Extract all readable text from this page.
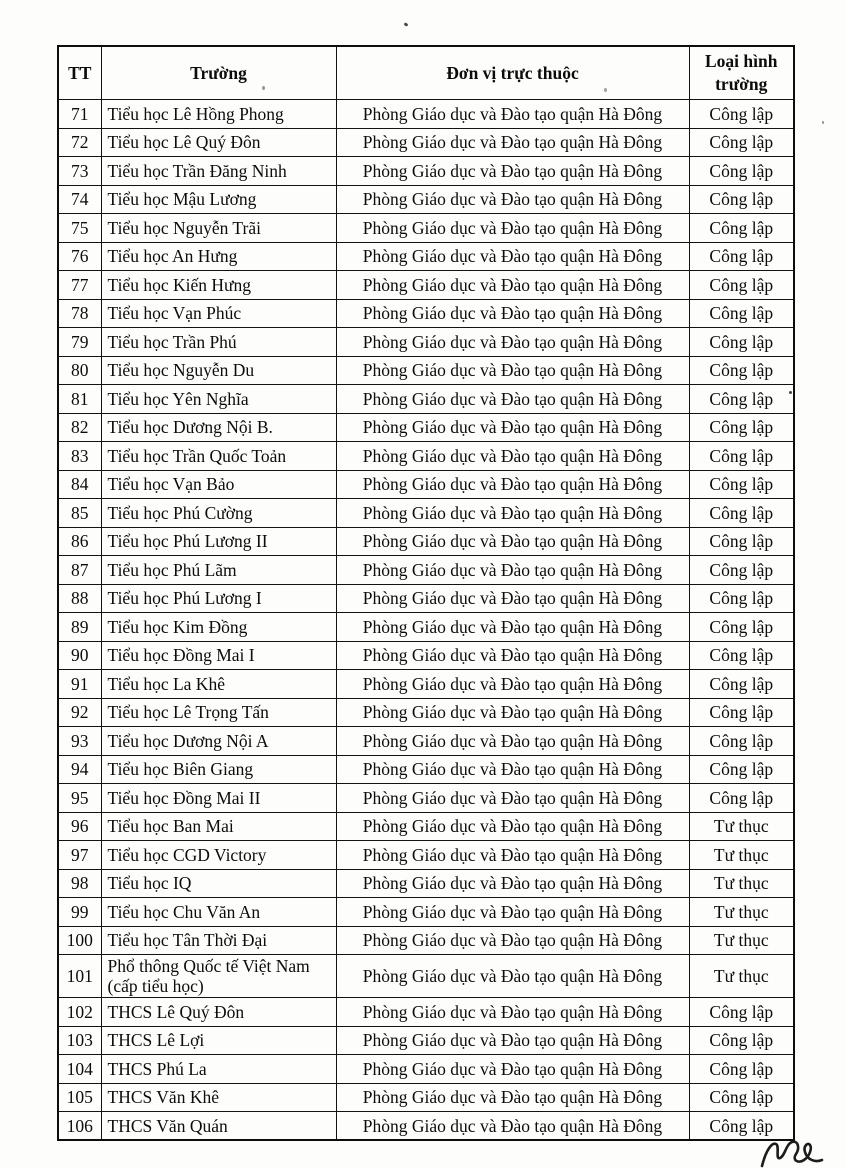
TT	Trường	Đơn vị trực thuộc	Loại hình trường
71	Tiểu học Lê Hồng Phong	Phòng Giáo dục và Đào tạo quận Hà Đông	Công lập
72	Tiểu học Lê Quý Đôn	Phòng Giáo dục và Đào tạo quận Hà Đông	Công lập
73	Tiểu học Trần Đăng Ninh	Phòng Giáo dục và Đào tạo quận Hà Đông	Công lập
74	Tiểu học Mậu Lương	Phòng Giáo dục và Đào tạo quận Hà Đông	Công lập
75	Tiểu học Nguyễn Trãi	Phòng Giáo dục và Đào tạo quận Hà Đông	Công lập
76	Tiểu học An Hưng	Phòng Giáo dục và Đào tạo quận Hà Đông	Công lập
77	Tiểu học Kiến Hưng	Phòng Giáo dục và Đào tạo quận Hà Đông	Công lập
78	Tiểu học Vạn Phúc	Phòng Giáo dục và Đào tạo quận Hà Đông	Công lập
79	Tiểu học Trần Phú	Phòng Giáo dục và Đào tạo quận Hà Đông	Công lập
80	Tiểu học Nguyễn Du	Phòng Giáo dục và Đào tạo quận Hà Đông	Công lập
81	Tiểu học Yên Nghĩa	Phòng Giáo dục và Đào tạo quận Hà Đông	Công lập
82	Tiểu học Dương Nội B.	Phòng Giáo dục và Đào tạo quận Hà Đông	Công lập
83	Tiểu học Trần Quốc Toản	Phòng Giáo dục và Đào tạo quận Hà Đông	Công lập
84	Tiểu học Vạn Bảo	Phòng Giáo dục và Đào tạo quận Hà Đông	Công lập
85	Tiểu học Phú Cường	Phòng Giáo dục và Đào tạo quận Hà Đông	Công lập
86	Tiểu học Phú Lương II	Phòng Giáo dục và Đào tạo quận Hà Đông	Công lập
87	Tiểu học Phú Lãm	Phòng Giáo dục và Đào tạo quận Hà Đông	Công lập
88	Tiểu học Phú Lương I	Phòng Giáo dục và Đào tạo quận Hà Đông	Công lập
89	Tiểu học Kim Đồng	Phòng Giáo dục và Đào tạo quận Hà Đông	Công lập
90	Tiểu học Đồng Mai I	Phòng Giáo dục và Đào tạo quận Hà Đông	Công lập
91	Tiểu học La Khê	Phòng Giáo dục và Đào tạo quận Hà Đông	Công lập
92	Tiểu học Lê Trọng Tấn	Phòng Giáo dục và Đào tạo quận Hà Đông	Công lập
93	Tiểu học Dương Nội A	Phòng Giáo dục và Đào tạo quận Hà Đông	Công lập
94	Tiểu học Biên Giang	Phòng Giáo dục và Đào tạo quận Hà Đông	Công lập
95	Tiểu học Đồng Mai II	Phòng Giáo dục và Đào tạo quận Hà Đông	Công lập
96	Tiểu học Ban Mai	Phòng Giáo dục và Đào tạo quận Hà Đông	Tư thục
97	Tiểu học CGD Victory	Phòng Giáo dục và Đào tạo quận Hà Đông	Tư thục
98	Tiểu học IQ	Phòng Giáo dục và Đào tạo quận Hà Đông	Tư thục
99	Tiểu học Chu Văn An	Phòng Giáo dục và Đào tạo quận Hà Đông	Tư thục
100	Tiểu học Tân Thời Đại	Phòng Giáo dục và Đào tạo quận Hà Đông	Tư thục
101	Phổ thông Quốc tế Việt Nam (cấp tiểu học)	Phòng Giáo dục và Đào tạo quận Hà Đông	Tư thục
102	THCS Lê Quý Đôn	Phòng Giáo dục và Đào tạo quận Hà Đông	Công lập
103	THCS Lê Lợi	Phòng Giáo dục và Đào tạo quận Hà Đông	Công lập
104	THCS Phú La	Phòng Giáo dục và Đào tạo quận Hà Đông	Công lập
105	THCS Văn Khê	Phòng Giáo dục và Đào tạo quận Hà Đông	Công lập
106	THCS Văn Quán	Phòng Giáo dục và Đào tạo quận Hà Đông	Công lập
